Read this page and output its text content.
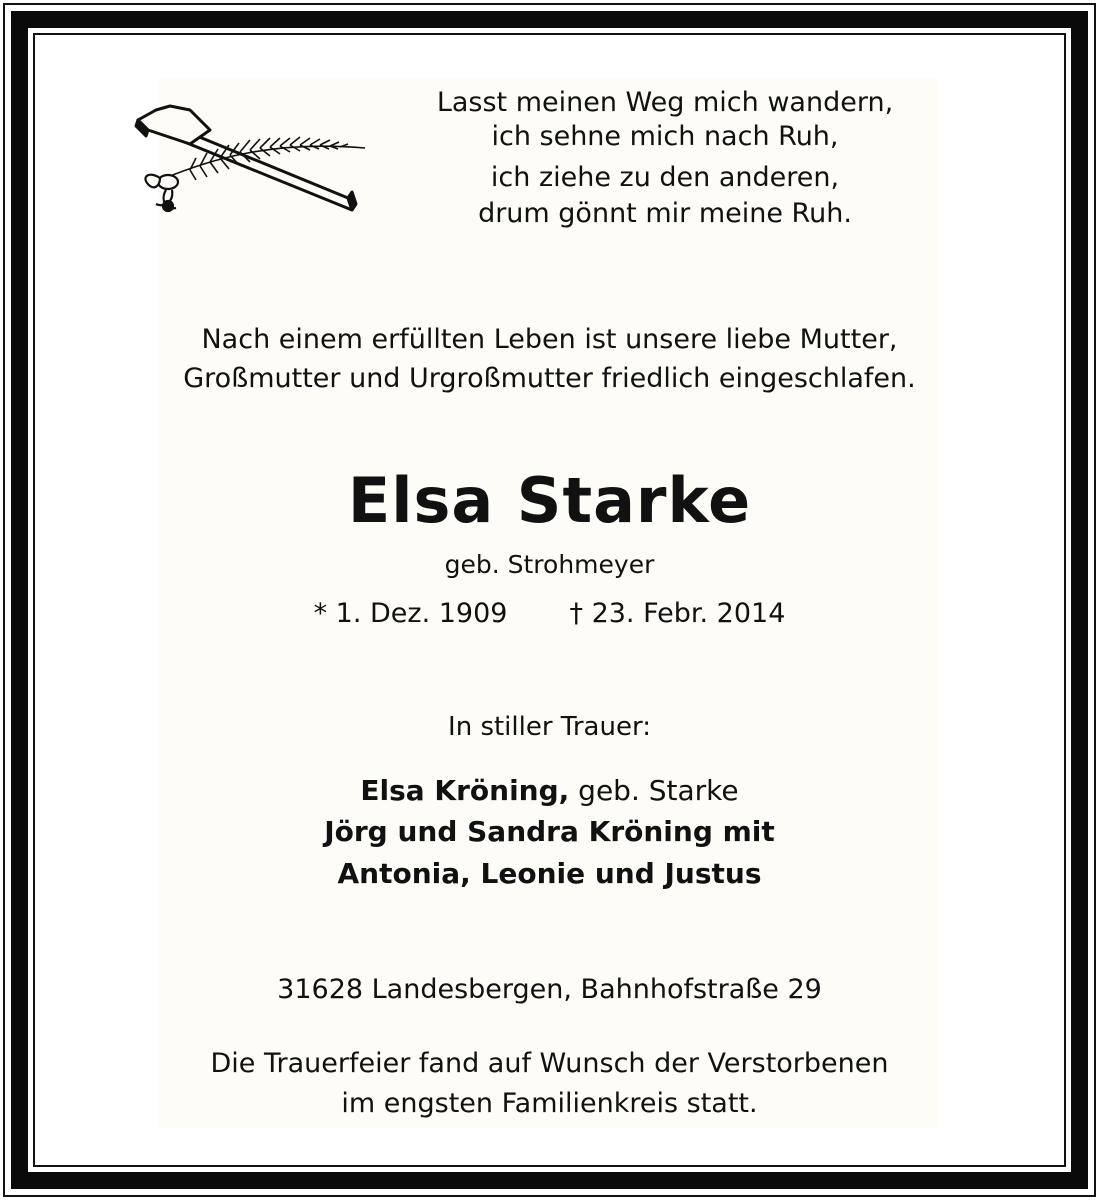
Lasst meinen Weg mich wandern,
ich sehne mich nach Ruh,
ich ziehe zu den anderen,
drum gönnt mir meine Ruh.
Nach einem erfüllten Leben ist unsere liebe Mutter,
Großmutter und Urgroßmutter friedlich eingeschlafen.
Elsa Starke
geb. Strohmeyer
* 1. Dez. 1909 † 23. Febr. 2014
In stiller Trauer:
Elsa Kröning, geb. Starke
Jörg und Sandra Kröning mit
Antonia, Leonie und Justus
31628 Landesbergen, Bahnhofstraße 29
Die Trauerfeier fand auf Wunsch der Verstorbenen
im engsten Familienkreis statt.
